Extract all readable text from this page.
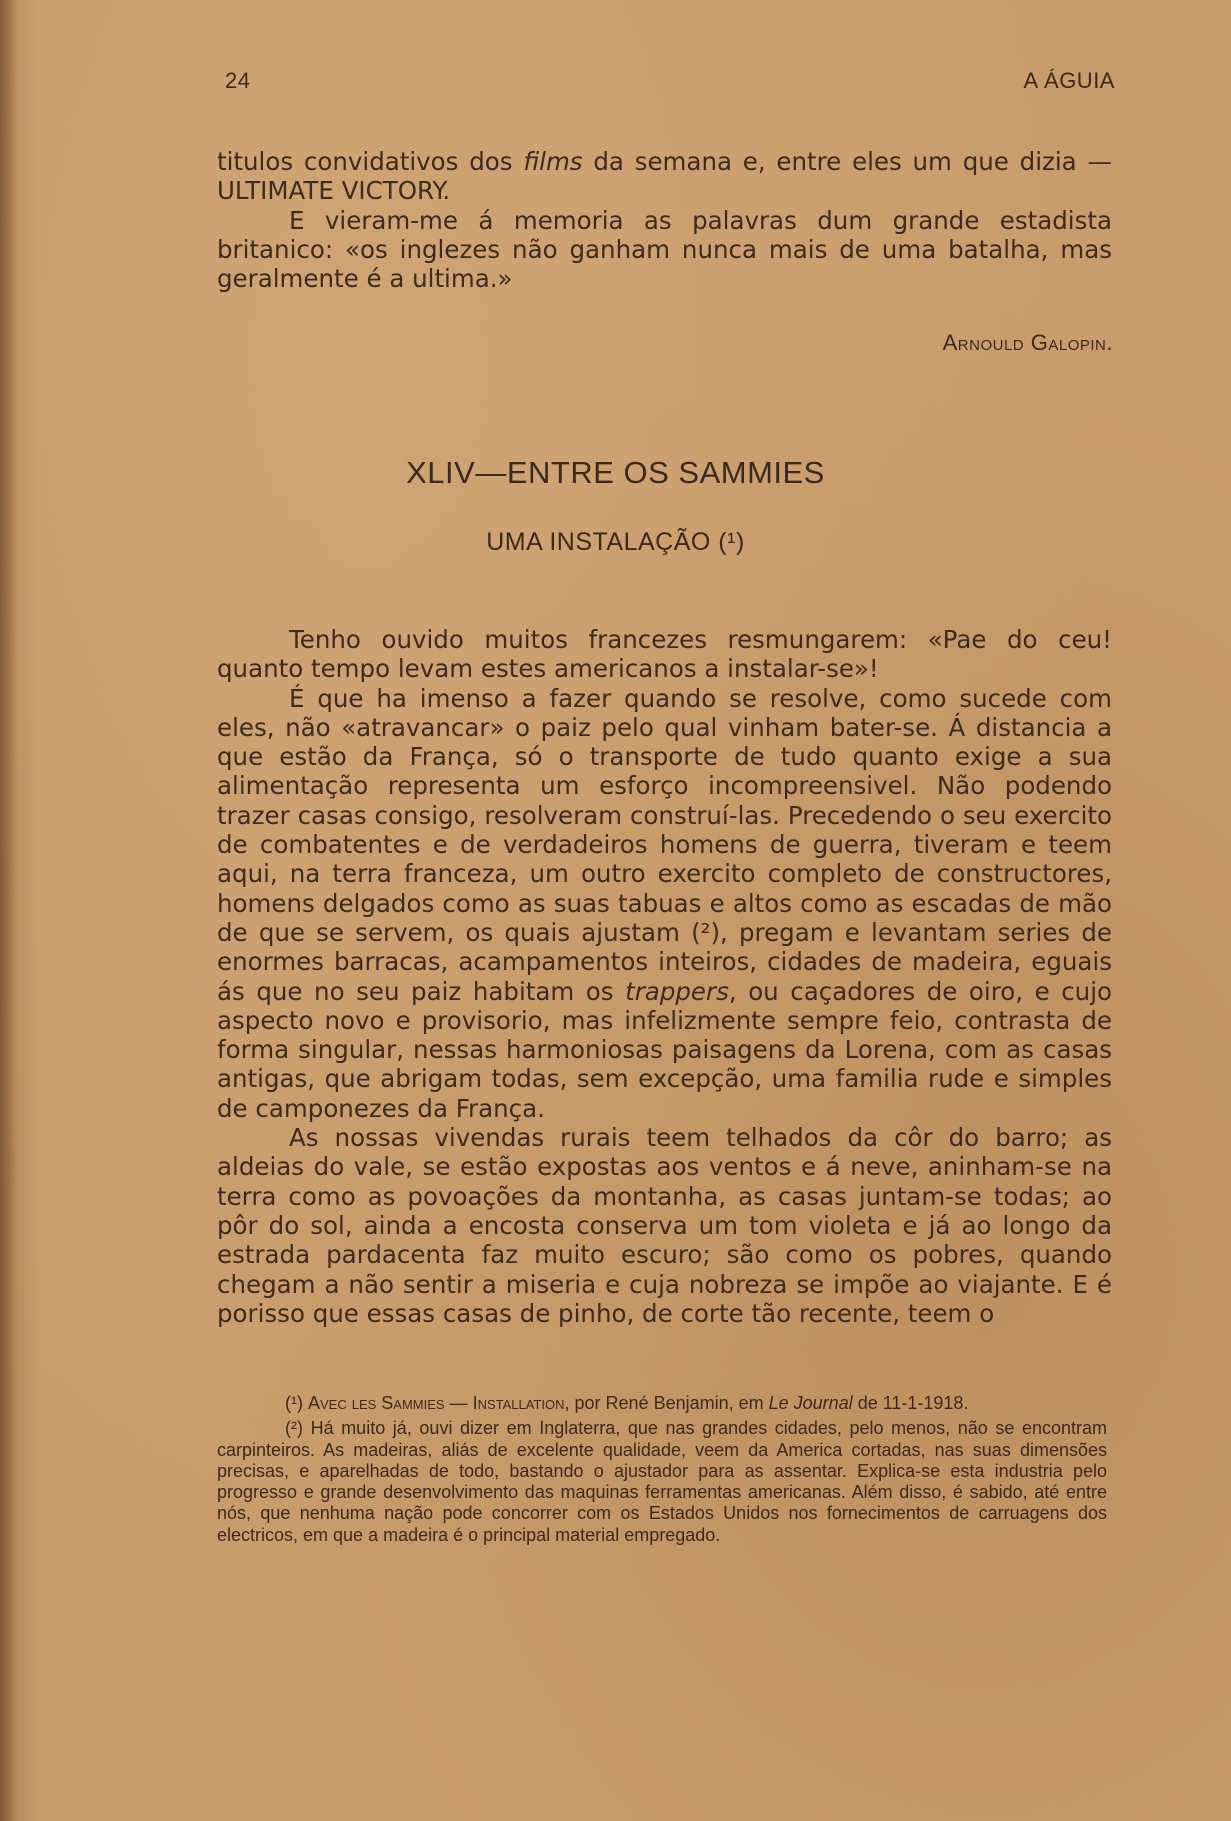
24	A ÁGUIA

titulos convidativos dos films da semana e, entre eles um que dizia —ULTIMATE VICTORY.

E vieram-me á memoria as palavras dum grande estadista britanico: «os inglezes não ganham nunca mais de uma batalha, mas geralmente é a ultima.»

Arnould Galopin.
XLIV—ENTRE OS SAMMIES
UMA INSTALAÇÃO (¹)

Tenho ouvido muitos francezes resmungarem: «Pae do ceu! quanto tempo levam estes americanos a instalar-se»!

É que ha imenso a fazer quando se resolve, como sucede com eles, não «atravancar» o paiz pelo qual vinham bater-se. Á distancia a que estão da França, só o transporte de tudo quanto exige a sua alimentação representa um esforço incompreensivel. Não podendo trazer casas consigo, resolveram construí-las. Precedendo o seu exercito de combatentes e de verdadeiros homens de guerra, tiveram e teem aqui, na terra franceza, um outro exercito completo de constructores, homens delgados como as suas tabuas e altos como as escadas de mão de que se servem, os quais ajustam (²), pregam e levantam series de enormes barracas, acampamentos inteiros, cidades de madeira, eguais ás que no seu paiz habitam os trappers, ou caçadores de oiro, e cujo aspecto novo e provisorio, mas infelizmente sempre feio, contrasta de forma singular, nessas harmoniosas paisagens da Lorena, com as casas antigas, que abrigam todas, sem excepção, uma familia rude e simples de camponezes da França.

As nossas vivendas rurais teem telhados da côr do barro; as aldeias do vale, se estão expostas aos ventos e á neve, aninham-se na terra como as povoações da montanha, as casas juntam-se todas; ao pôr do sol, ainda a encosta conserva um tom violeta e já ao longo da estrada pardacenta faz muito escuro; são como os pobres, quando chegam a não sentir a miseria e cuja nobreza se impõe ao viajante. E é porisso que essas casas de pinho, de corte tão recente, teem o

(¹) Avec les Sammies — Installation, por René Benjamin, em Le Journal de 11-1-1918.

(²) Há muito já, ouvi dizer em Inglaterra, que nas grandes cidades, pelo menos, não se encontram carpinteiros. As madeiras, aliás de excelente qualidade, veem da America cortadas, nas suas dimensões precisas, e aparelhadas de todo, bastando o ajustador para as assentar. Explica-se esta industria pelo progresso e grande desenvolvimento das maquinas ferramentas americanas. Além disso, é sabido, até entre nós, que nenhuma nação pode concorrer com os Estados Unidos nos fornecimentos de carruagens dos electricos, em que a madeira é o principal material empregado.
